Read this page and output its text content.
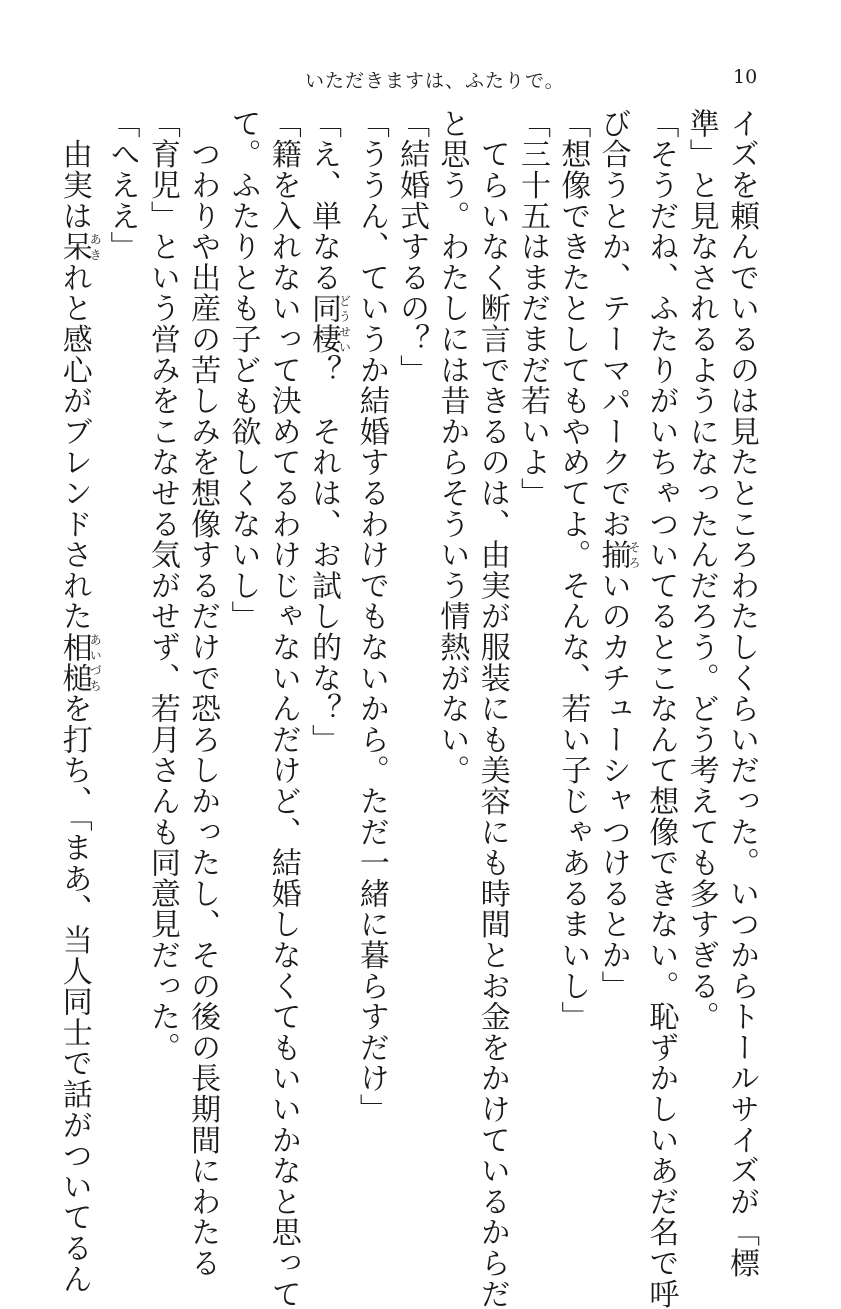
いただきますは、ふたりで。	10
イズを頼んでいるのは見たところわたしくらいだった。いつからトールサイズが「標
準」と見なされるようになったんだろう。どう考えても多すぎる。
「そうだね、ふたりがいちゃついてるとこなんて想像できない。恥ずかしいあだ名で呼
び合うとか、テーマパークでお揃そろいのカチューシャつけるとか」
「想像できたとしてもやめてよ。そんな、若い子じゃあるまいし」
「三十五はまだまだ若いよ」
　てらいなく断言できるのは、由実が服装にも美容にも時間とお金をかけているからだ
と思う。わたしには昔からそういう情熱がない。
「結婚式するの？」
「ううん、ていうか結婚するわけでもないから。ただ一緒に暮らすだけ」
「え、単なる同棲どうせい？　それは、お試し的な？」
「籍を入れないって決めてるわけじゃないんだけど、結婚しなくてもいいかなと思って
て。ふたりとも子ども欲しくないし」
　つわりや出産の苦しみを想像するだけで恐ろしかったし、その後の長期間にわたる
「育児」という営みをこなせる気がせず、若月さんも同意見だった。
「へええ」
　由実は呆あきれと感心がブレンドされた相槌あいづちを打ち、「まあ、当人同士で話がついてるん
